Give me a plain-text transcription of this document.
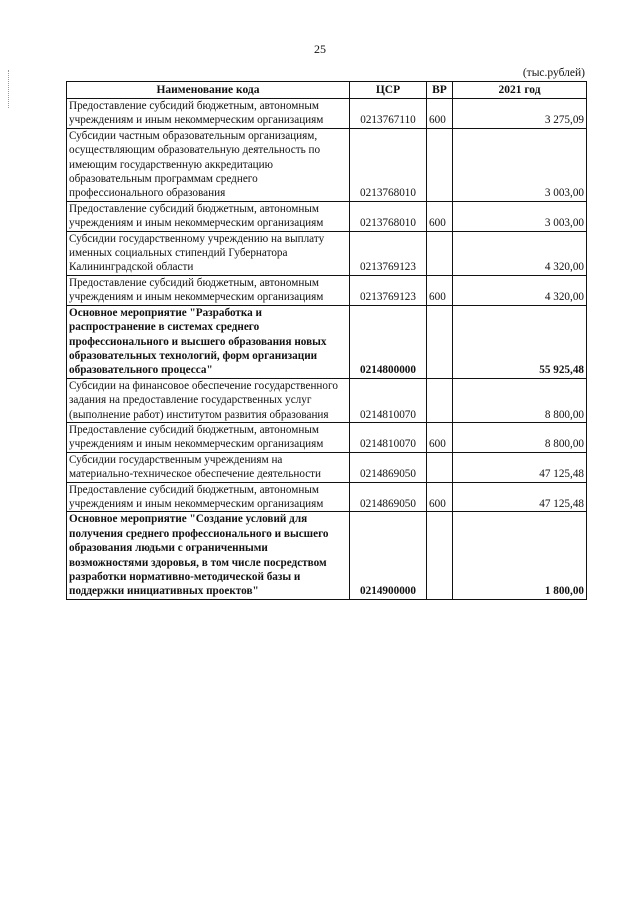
25
(тыс.рублей)
Наименование кода	ЦСР	ВР	2021 год
Предоставление субсидий бюджетным, автономным учреждениям и иным некоммерческим организациям	0213767110	600	3 275,09
Субсидии частным образовательным организациям, осуществляющим образовательную деятельность по имеющим государственную аккредитацию образовательным программам среднего профессионального образования	0213768010		3 003,00
Предоставление субсидий бюджетным, автономным учреждениям и иным некоммерческим организациям	0213768010	600	3 003,00
Субсидии государственному учреждению на выплату именных социальных стипендий Губернатора Калининградской области	0213769123		4 320,00
Предоставление субсидий бюджетным, автономным учреждениям и иным некоммерческим организациям	0213769123	600	4 320,00
Основное мероприятие "Разработка и распространение в системах среднего профессионального и высшего образования новых образовательных технологий, форм организации образовательного процесса"	0214800000		55 925,48
Субсидии на финансовое обеспечение государственного задания на предоставление государственных услуг (выполнение работ) институтом развития образования	0214810070		8 800,00
Предоставление субсидий бюджетным, автономным учреждениям и иным некоммерческим организациям	0214810070	600	8 800,00
Субсидии государственным учреждениям на материально-техническое обеспечение деятельности	0214869050		47 125,48
Предоставление субсидий бюджетным, автономным учреждениям и иным некоммерческим организациям	0214869050	600	47 125,48
Основное мероприятие "Создание условий для получения среднего профессионального и высшего образования людьми с ограниченными возможностями здоровья, в том числе посредством разработки нормативно-методической базы и поддержки инициативных проектов"	0214900000		1 800,00
